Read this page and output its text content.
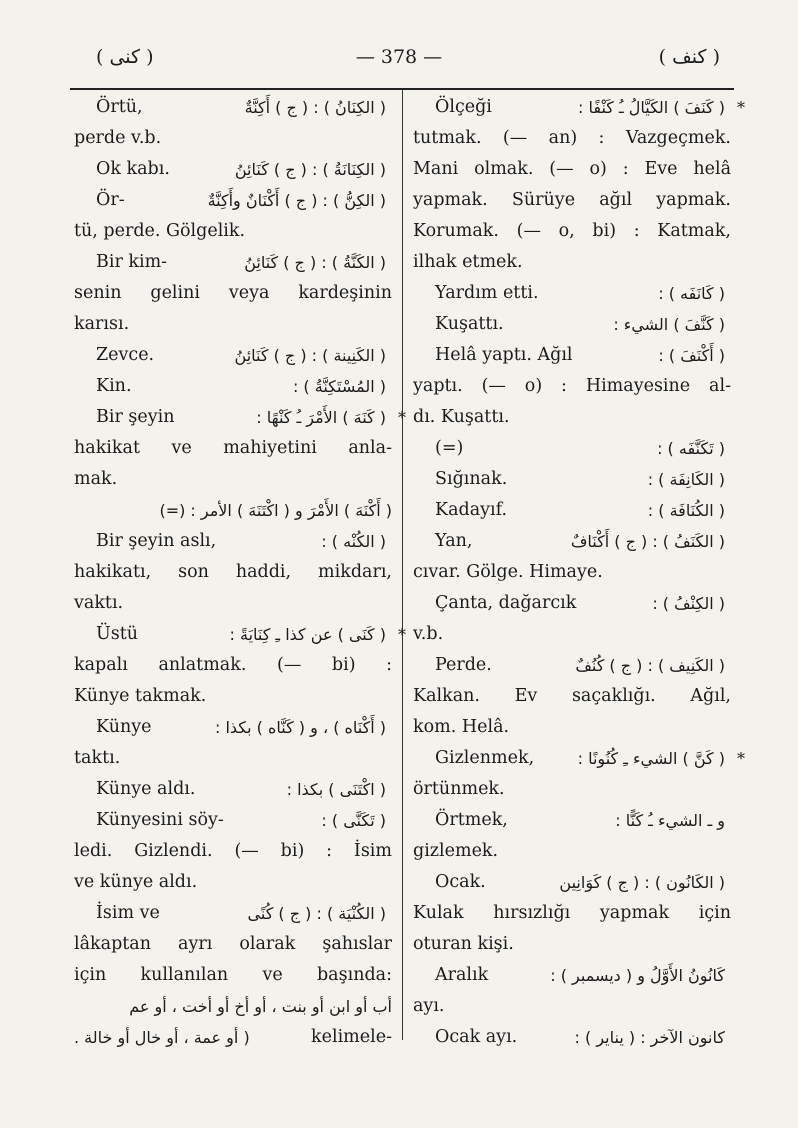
( كنى )	— 378 —	( كنف )
Örtü,	( الكِنَانُ ) : ( ج ) أَكِنَّةٌ
perde v.b.
Ok kabı.	( الكِنَانَةُ ) : ( ج ) كَنَائِنُ
Ör-	( الكِنُّ ) : ( ج ) أَكْنَانٌ وأَكِنَّةٌ
tü, perde. Gölgelik.
Bir kim-	( الكَنَّةُ ) : ( ج ) كَنَائِنُ
senin gelini veya kardeşinin
karısı.
Zevce.	( الكَنِينة ) : ( ج ) كَنَائِنُ
Kin.	( المُسْتَكِنَّةُ ) :
Bir şeyin	( كَنَهَ ) الأَمْرَ ـُ كَنْهًا : *
hakikat ve mahiyetini anla-
mak.
( أَكْنَهَ ) الأَمْرَ و ( اكْتَنَهَ ) الأمر : (=)
Bir şeyin aslı,	( الكُنْه ) :
hakikatı, son haddi, mikdarı,
vaktı.
Üstü	( كَنَى ) عن كذا ـِ كِنَايَةً : *
kapalı anlatmak. (— bi) :
Künye takmak.
Künye	( أَكْنَاه ) ، و ( كَنَّاه ) بكذا :
taktı.
Künye aldı.	( اكْتَنَى ) بكذا :
Künyesini söy-	( تَكَنَّى ) :
ledi. Gizlendi. (— bi) : İsim
ve künye aldı.
İsim ve	( الكُنْيَة ) : ( ج ) كُنًى
lâkaptan ayrı olarak şahıslar
için kullanılan ve başında:
أب أو ابن أو بنت ، أو أخ أو أخت ، أو عم
kelimele-
( أو عمة ، أو خال أو خالة .
Ölçeği	( كَنَفَ ) الكَيَّالُ ـُ كَنْفًا : *
tutmak. (— an) : Vazgeçmek.
Mani olmak. (— o) : Eve helâ
yapmak. Sürüye ağıl yapmak.
Korumak. (— o, bi) : Katmak,
ilhak etmek.
Yardım etti.	( كَانَفَه ) :
Kuşattı.	( كَنَّفَ ) الشيء :
Helâ yaptı. Ağıl	( أَكْنَفَ ) :
yaptı. (— o) : Himayesine al-
dı. Kuşattı.
(=)	( تَكَنَّفَه ) :
Sığınak.	( الكَانِفَة ) :
Kadayıf.	( الكُنَافَة ) :
Yan,	( الكَنَفُ ) : ( ج ) أَكْنَافٌ
cıvar. Gölge. Himaye.
Çanta, dağarcık	( الكِنْفُ ) :
v.b.
Perde.	( الكَنِيف ) : ( ج ) كُنُفٌ
Kalkan. Ev saçaklığı. Ağıl,
kom. Helâ.
Gizlenmek,	( كَنَّ ) الشيء ـِ كُنُونًا : *
örtünmek.
Örtmek,	و ـ الشيء ـُ كَنًّا :
gizlemek.
Ocak.	( الكَانُون ) : ( ج ) كَوَانِين
Kulak hırsızlığı yapmak için
oturan kişi.
Aralık	كَانُونُ الأَوَّلُ و ( ديسمبر ) :
ayı.
Ocak ayı.	كانون الآخر : ( يناير ) :
